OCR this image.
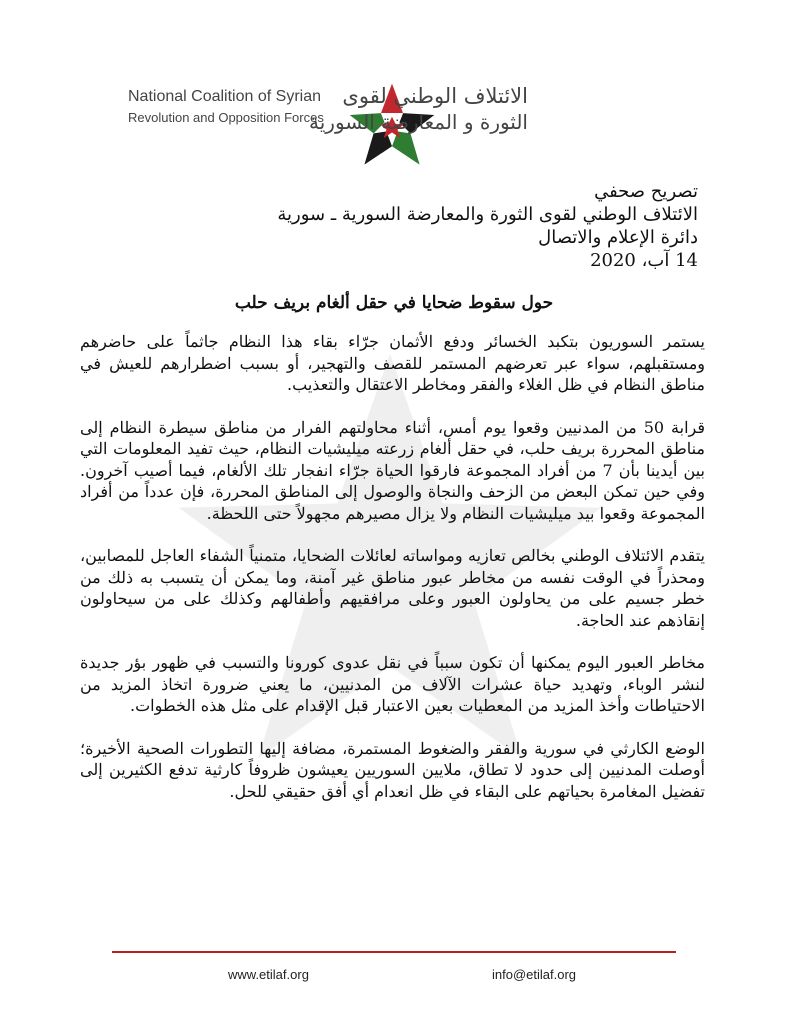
National Coalition of Syrian
Revolution and Opposition Forces
الائتلاف الوطني لقوى
الثورة و المعارضة السورية
تصريح صحفي
الائتلاف الوطني لقوى الثورة والمعارضة السورية ـ سورية
دائرة الإعلام والاتصال
14 آب، 2020
حول سقوط ضحايا في حقل ألغام بريف حلب

يستمر السوريون بتكبد الخسائر ودفع الأثمان جرّاء بقاء هذا النظام جاثماً على حاضرهم ومستقبلهم، سواء عبر تعرضهم المستمر للقصف والتهجير، أو بسبب اضطرارهم للعيش في مناطق النظام في ظل الغلاء والفقر ومخاطر الاعتقال والتعذيب.

قرابة 50 من المدنيين وقعوا يوم أمس، أثناء محاولتهم الفرار من مناطق سيطرة النظام إلى مناطق المحررة بريف حلب، في حقل ألغام زرعته ميليشيات النظام، حيث تفيد المعلومات التي بين أيدينا بأن 7 من أفراد المجموعة فارقوا الحياة جرّاء انفجار تلك الألغام، فيما أصيب آخرون. وفي حين تمكن البعض من الزحف والنجاة والوصول إلى المناطق المحررة، فإن عدداً من أفراد المجموعة وقعوا بيد ميليشيات النظام ولا يزال مصيرهم مجهولاً حتى اللحظة.

يتقدم الائتلاف الوطني بخالص تعازيه ومواساته لعائلات الضحايا، متمنياً الشفاء العاجل للمصابين، ومحذراً في الوقت نفسه من مخاطر عبور مناطق غير آمنة، وما يمكن أن يتسبب به ذلك من خطر جسيم على من يحاولون العبور وعلى مرافقيهم وأطفالهم وكذلك على من سيحاولون إنقاذهم عند الحاجة.

مخاطر العبور اليوم يمكنها أن تكون سبباً في نقل عدوى كورونا والتسبب في ظهور بؤر جديدة لنشر الوباء، وتهديد حياة عشرات الآلاف من المدنيين، ما يعني ضرورة اتخاذ المزيد من الاحتياطات وأخذ المزيد من المعطيات بعين الاعتبار قبل الإقدام على مثل هذه الخطوات.

الوضع الكارثي في سورية والفقر والضغوط المستمرة، مضافة إليها التطورات الصحية الأخيرة؛ أوصلت المدنيين إلى حدود لا تطاق، ملايين السوريين يعيشون ظروفاً كارثية تدفع الكثيرين إلى تفضيل المغامرة بحياتهم على البقاء في ظل انعدام أي أفق حقيقي للحل.

www.etilaf.org	info@etilaf.org
